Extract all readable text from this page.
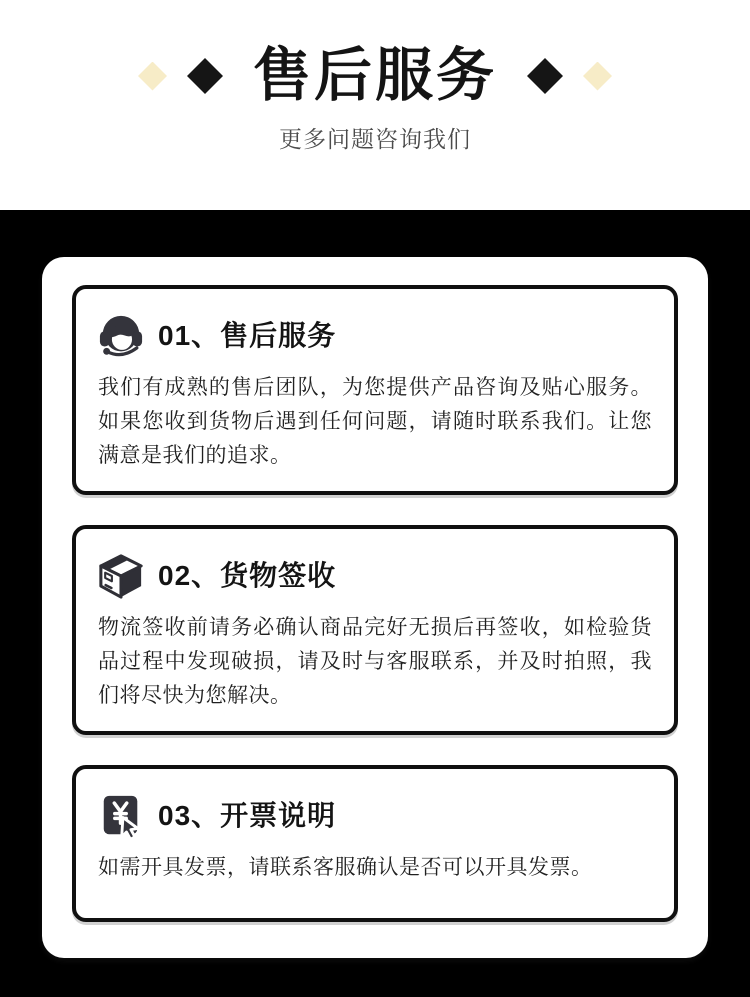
售后服务

更多问题咨询我们

01、售后服务

我们有成熟的售后团队，为您提供产品咨询及贴心服务。如果您收到货物后遇到任何问题，请随时联系我们。让您满意是我们的追求。

02、货物签收

物流签收前请务必确认商品完好无损后再签收，如检验货品过程中发现破损，请及时与客服联系，并及时拍照，我们将尽快为您解决。

03、开票说明

如需开具发票，请联系客服确认是否可以开具发票。
